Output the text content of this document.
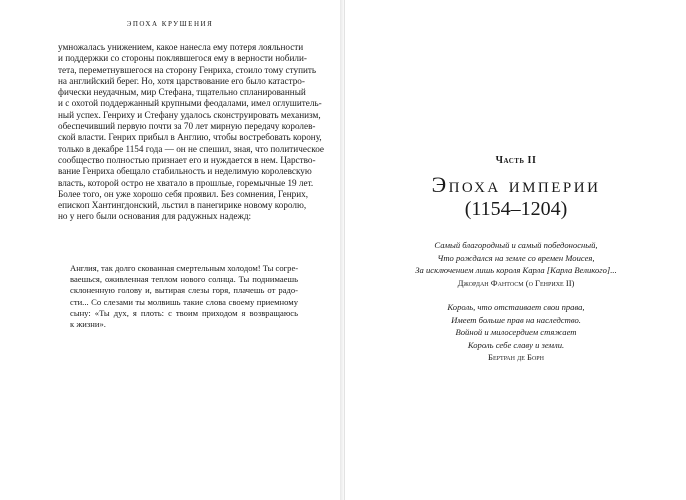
ЭПОХА КРУШЕНИЯ
умножалась унижением, какое нанесла ему потеря лояльности
и поддержки со стороны поклявшегося ему в верности нобили-
тета, переметнувшегося на сторону Генриха, стоило тому ступить
на английский берег. Но, хотя царствование его было катастро-
фически неудачным, мир Стефана, тщательно спланированный
и с охотой поддержанный крупными феодалами, имел оглушитель-
ный успех. Генриху и Стефану удалось сконструировать механизм,
обеспечивший первую почти за 70 лет мирную передачу королев-
ской власти. Генрих прибыл в Англию, чтобы востребовать корону,
только в декабре 1154 года — он не спешил, зная, что политическое
сообщество полностью признает его и нуждается в нем. Царство-
вание Генриха обещало стабильность и неделимую королевскую
власть, которой остро не хватало в прошлые, горемычные 19 лет.
Более того, он уже хорошо себя проявил. Без сомнения, Генрих,
епископ Хантингдонский, льстил в панегирике новому королю,
но у него были основания для радужных надежд:
Англия, так долго скованная смертельным холодом! Ты согре-
ваешься, оживленная теплом нового солнца. Ты поднимаешь
склоненную голову и, вытирая слезы горя, плачешь от радо-
сти... Со слезами ты молвишь такие слова своему приемному
сыну: «Ты дух, я плоть: с твоим приходом я возвращаюсь
к жизни».
Часть II
Эпоха империи
(1154–1204)
Самый благородный и самый победоносный,
Что рождался на земле со времен Моисея,
За исключением лишь короля Карла [Карла Великого]...
Джордан Фантосм (о Генрихе II)
Король, что отстаивает свои права,
Имеет больше прав на наследство.
Войной и милосердием стяжает
Король себе славу и земли.
Бертран де Борн
